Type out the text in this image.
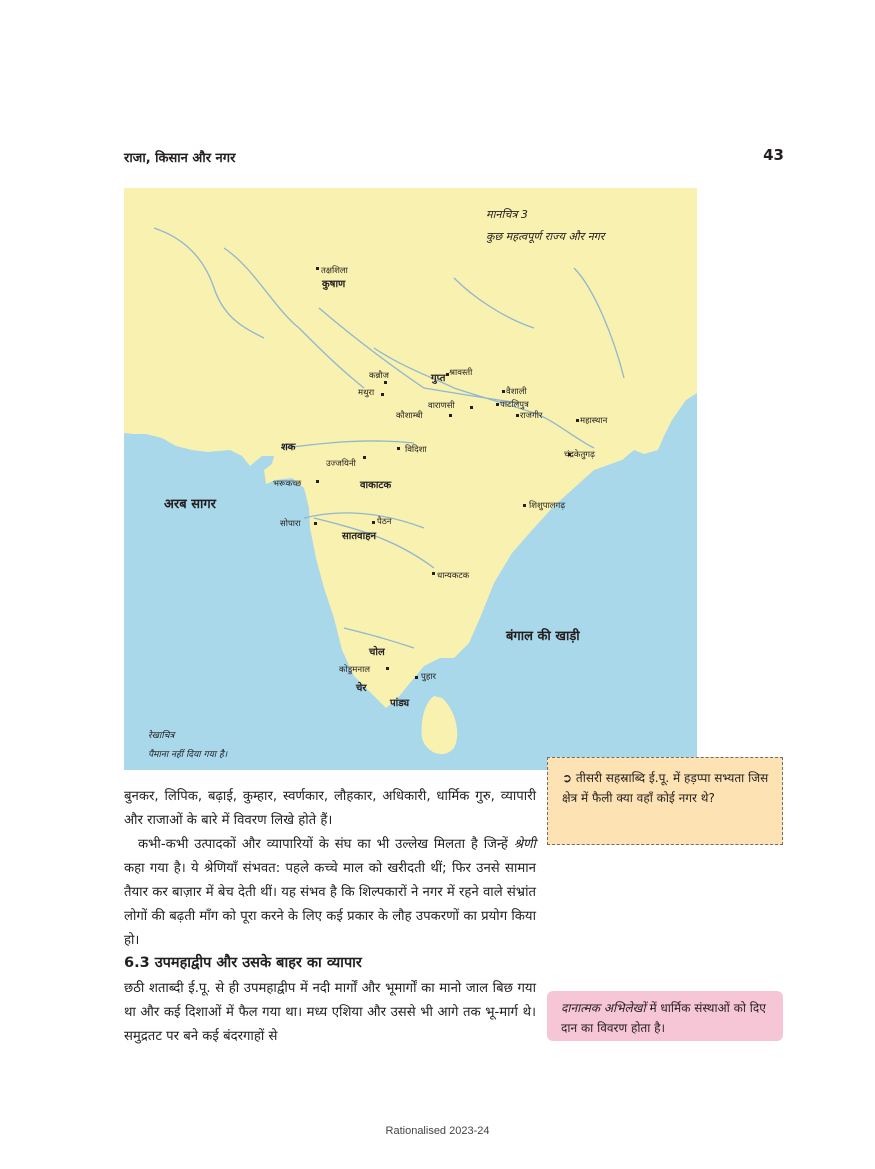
राजा, किसान और नगर	43
मानचित्र 3
कुछ महत्वपूर्ण राज्य और नगर
अरब सागर
बंगाल की खाड़ी
कुषाण
गुप्त
शक
वाकाटक
सातवाहन
चोल
चेर
पांड्य
तक्षशिला
कन्नौज	श्रावस्ती
मथुरा	वैशाली
पाटलिपुत्र
वाराणसी
कौशाम्बी	राजगीर	महास्थान
विदिशा
उज्जयिनी
चंद्रकेतुगढ़
भरूकच्छ
शिशुपालगढ़
सोपारा	पैठन
धान्यकटक
कोडुमनाल
पुहार
रेखाचित्र
पैमाना नहीं दिया गया है।
➲ तीसरी सहस्राब्दि ई.पू. में हड़प्पा सभ्यता जिस क्षेत्र में फैली क्या वहाँ कोई नगर थे?

बुनकर, लिपिक, बढ़ाई, कुम्हार, स्वर्णकार, लौहकार, अधिकारी, धार्मिक गुरु, व्यापारी और राजाओं के बारे में विवरण लिखे होते हैं।

कभी-कभी उत्पादकों और व्यापारियों के संघ का भी उल्लेख मिलता है जिन्हें श्रेणी कहा गया है। ये श्रेणियाँ संभवत: पहले कच्चे माल को खरीदती थीं; फिर उनसे सामान तैयार कर बाज़ार में बेच देती थीं। यह संभव है कि शिल्पकारों ने नगर में रहने वाले संभ्रांत लोगों की बढ़ती माँग को पूरा करने के लिए कई प्रकार के लौह उपकरणों का प्रयोग किया हो।

6.3 उपमहाद्वीप और उसके बाहर का व्यापार

छठी शताब्दी ई.पू. से ही उपमहाद्वीप में नदी मार्गों और भूमार्गों का मानो जाल बिछ गया था और कई दिशाओं में फैल गया था। मध्य एशिया और उससे भी आगे तक भू-मार्ग थे। समुद्रतट पर बने कई बंदरगाहों से

दानात्मक अभिलेखों में धार्मिक संस्थाओं को दिए दान का विवरण होता है।
Rationalised 2023-24
